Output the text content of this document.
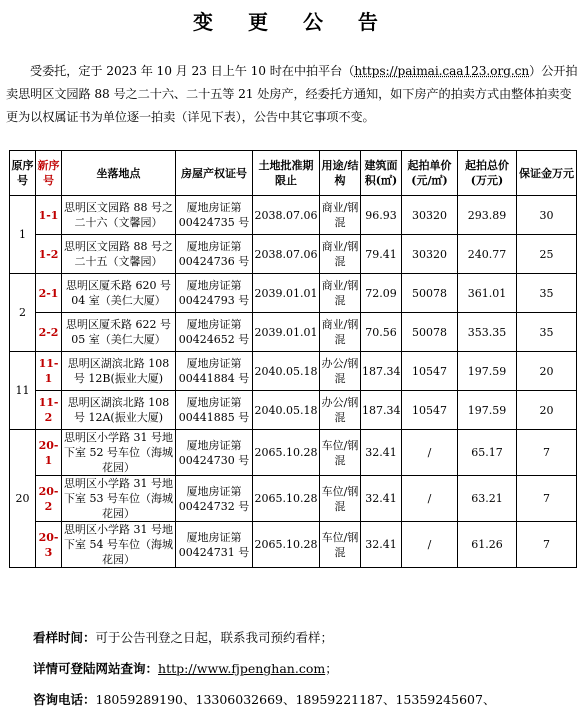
变 更 公 告
受委托，定于 2023 年 10 月 23 日上午 10 时在中拍平台（https://paimai.caa123.org.cn）公开拍卖思明区文园路 88 号之二十六、二十五等 21 处房产，经委托方通知，如下房产的拍卖方式由整体拍卖变更为以权属证书为单位逐一拍卖（详见下表），公告中其它事项不变。
原序号	新序号	坐落地点	房屋产权证号	土地批准期限止	用途/结构	建筑面积(㎡)	起拍单价(元/㎡)	起拍总价(万元)	保证金万元
1	1-1	思明区文园路 88 号之二十六（文馨园）	厦地房证第 00424735 号	2038.07.06	商业/钢混	96.93	30320	293.89	30
	1-2	思明区文园路 88 号之二十五（文馨园）	厦地房证第 00424736 号	2038.07.06	商业/钢混	79.41	30320	240.77	25
2	2-1	思明区厦禾路 620 号 04 室（美仁大厦）	厦地房证第 00424793 号	2039.01.01	商业/钢混	72.09	50078	361.01	35
	2-2	思明区厦禾路 622 号 05 室（美仁大厦）	厦地房证第 00424652 号	2039.01.01	商业/钢混	70.56	50078	353.35	35
11	11-1	思明区湖滨北路 108 号 12B(振业大厦)	厦地房证第 00441884 号	2040.05.18	办公/钢混	187.34	10547	197.59	20
	11-2	思明区湖滨北路 108 号 12A(振业大厦)	厦地房证第 00441885 号	2040.05.18	办公/钢混	187.34	10547	197.59	20
20	20-1	思明区小学路 31 号地下室 52 号车位（海城花园）	厦地房证第 00424730 号	2065.10.28	车位/钢混	32.41	/	65.17	7
	20-2	思明区小学路 31 号地下室 53 号车位（海城花园）	厦地房证第 00424732 号	2065.10.28	车位/钢混	32.41	/	63.21	7
	20-3	思明区小学路 31 号地下室 54 号车位（海城花园）	厦地房证第 00424731 号	2065.10.28	车位/钢混	32.41	/	61.26	7
看样时间：可于公告刊登之日起，联系我司预约看样；
详情可登陆网站查询：http://www.fjpenghan.com；
咨询电话：18059289190、13306032669、18959221187、15359245607、
